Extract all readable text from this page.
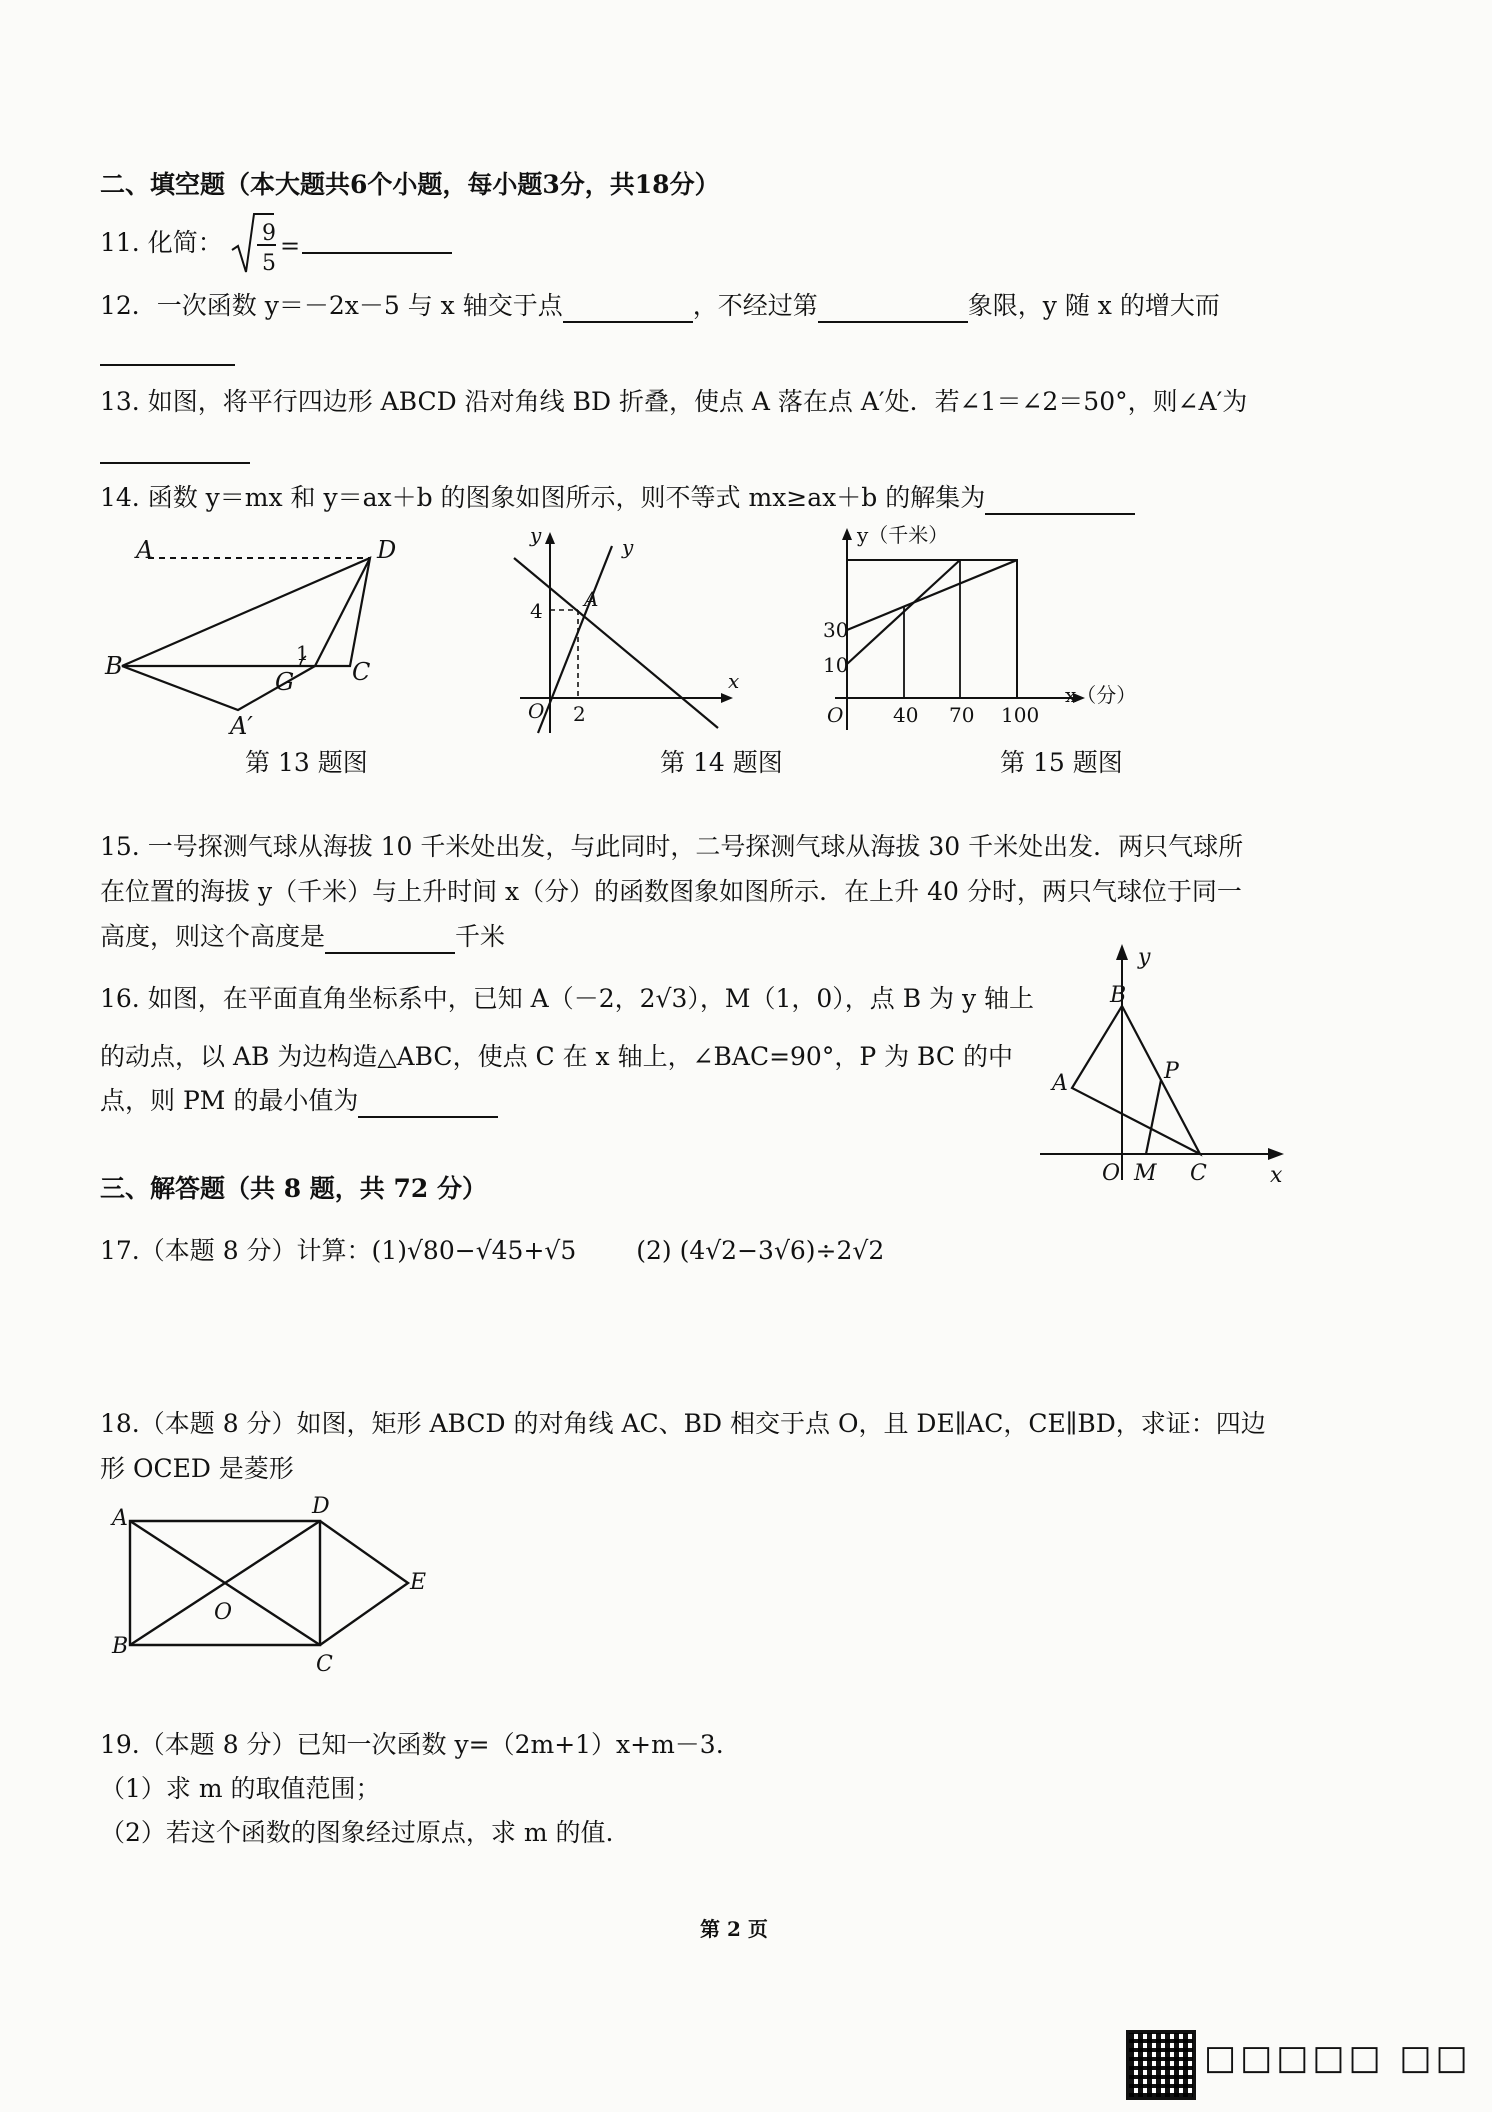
二、填空题（本大题共6个小题，每小题3分，共18分）
11. 化简： 9
5
=
12．一次函数 y＝－2x－5 与 x 轴交于点	，不经过第	象限，y 随 x 的增大而
13. 如图，将平行四边形 ABCD 沿对角线 BD 折叠，使点 A 落在点 A′处．若∠1＝∠2＝50°，则∠A′为
14. 函数 y＝mx 和 y＝ax＋b 的图象如图所示，则不等式 mx≥ax＋b 的解集为
A	D
B	C
G
A′
1
第 13 题图
y
x
O
4
2
A
y
第 14 题图
y（千米）
x（分）
O
30
10
40 70 100
第 15 题图
15. 一号探测气球从海拔 10 千米处出发，与此同时，二号探测气球从海拔 30 千米处出发．两只气球所
在位置的海拔 y（千米）与上升时间 x（分）的函数图象如图所示．在上升 40 分时，两只气球位于同一
高度，则这个高度是	千米
16. 如图，在平面直角坐标系中，已知 A（－2，2√3），M（1，0），点 B 为 y 轴上
的动点，以 AB 为边构造△ABC，使点 C 在 x 轴上，∠BAC=90°，P 为 BC 的中
点，则 PM 的最小值为
y
x
B
A	P
O M C
三、解答题（共 8 题，共 72 分）
17.（本题 8 分）计算：(1)√80−√45+√5 (2) (4√2−3√6)÷2√2
18.（本题 8 分）如图，矩形 ABCD 的对角线 AC、BD 相交于点 O，且 DE∥AC，CE∥BD，求证：四边
形 OCED 是菱形
A	D
B
C
O
E
19.（本题 8 分）已知一次函数 y=（2m+1）x+m－3.
（1）求 m 的取值范围；
（2）若这个函数的图象经过原点，求 m 的值.
第 2 页
□□□□□ □□
